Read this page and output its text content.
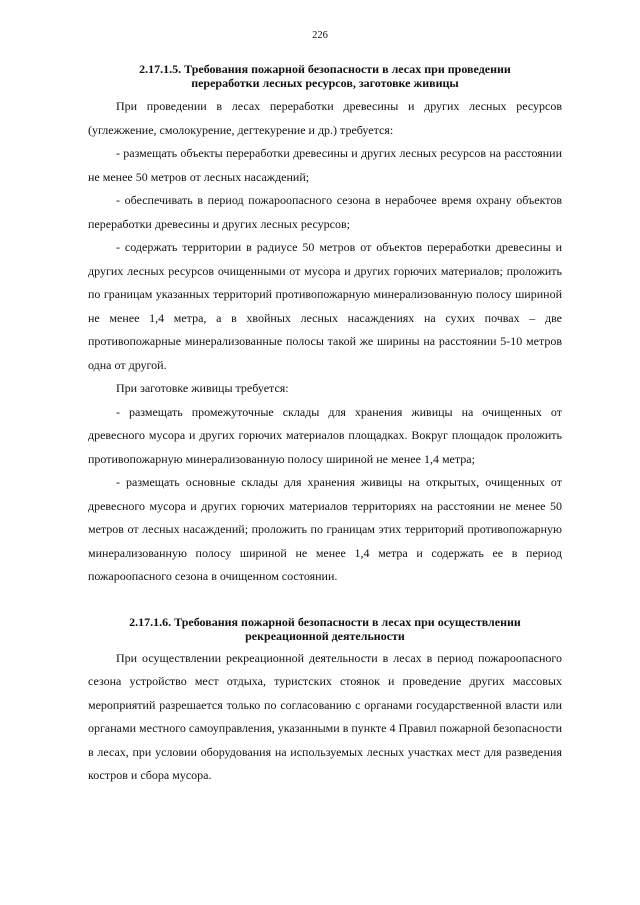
226
2.17.1.5. Требования пожарной безопасности в лесах при проведении
переработки лесных ресурсов, заготовке живицы

При проведении в лесах переработки древесины и других лесных ресурсов (углежжение, смолокурение, дегтекурение и др.) требуется:

- размещать объекты переработки древесины и других лесных ресурсов на расстоянии не менее 50 метров от лесных насаждений;

- обеспечивать в период пожароопасного сезона в нерабочее время охрану объектов переработки древесины и других лесных ресурсов;

- содержать территории в радиусе 50 метров от объектов переработки древесины и других лесных ресурсов очищенными от мусора и других горючих материалов; проложить по границам указанных территорий противопожарную минерализованную полосу шириной не менее 1,4 метра, а в хвойных лесных насаждениях на сухих почвах – две противопожарные минерализованные полосы такой же ширины на расстоянии 5-10 метров одна от другой.

При заготовке живицы требуется:

- размещать промежуточные склады для хранения живицы на очищенных от древесного мусора и других горючих материалов площадках. Вокруг площадок проложить противопожарную минерализованную полосу шириной не менее 1,4 метра;

- размещать основные склады для хранения живицы на открытых, очищенных от древесного мусора и других горючих материалов территориях на расстоянии не менее 50 метров от лесных насаждений; проложить по границам этих территорий противопожарную минерализованную полосу шириной не менее 1,4 метра и содержать ее в период пожароопасного сезона в очищенном состоянии.

2.17.1.6. Требования пожарной безопасности в лесах при осуществлении
рекреационной деятельности

При осуществлении рекреационной деятельности в лесах в период пожароопасного сезона устройство мест отдыха, туристских стоянок и проведение других массовых мероприятий разрешается только по согласованию с органами государственной власти или органами местного самоуправления, указанными в пункте 4 Правил пожарной безопасности в лесах, при условии оборудования на используемых лесных участках мест для разведения костров и сбора мусора.
